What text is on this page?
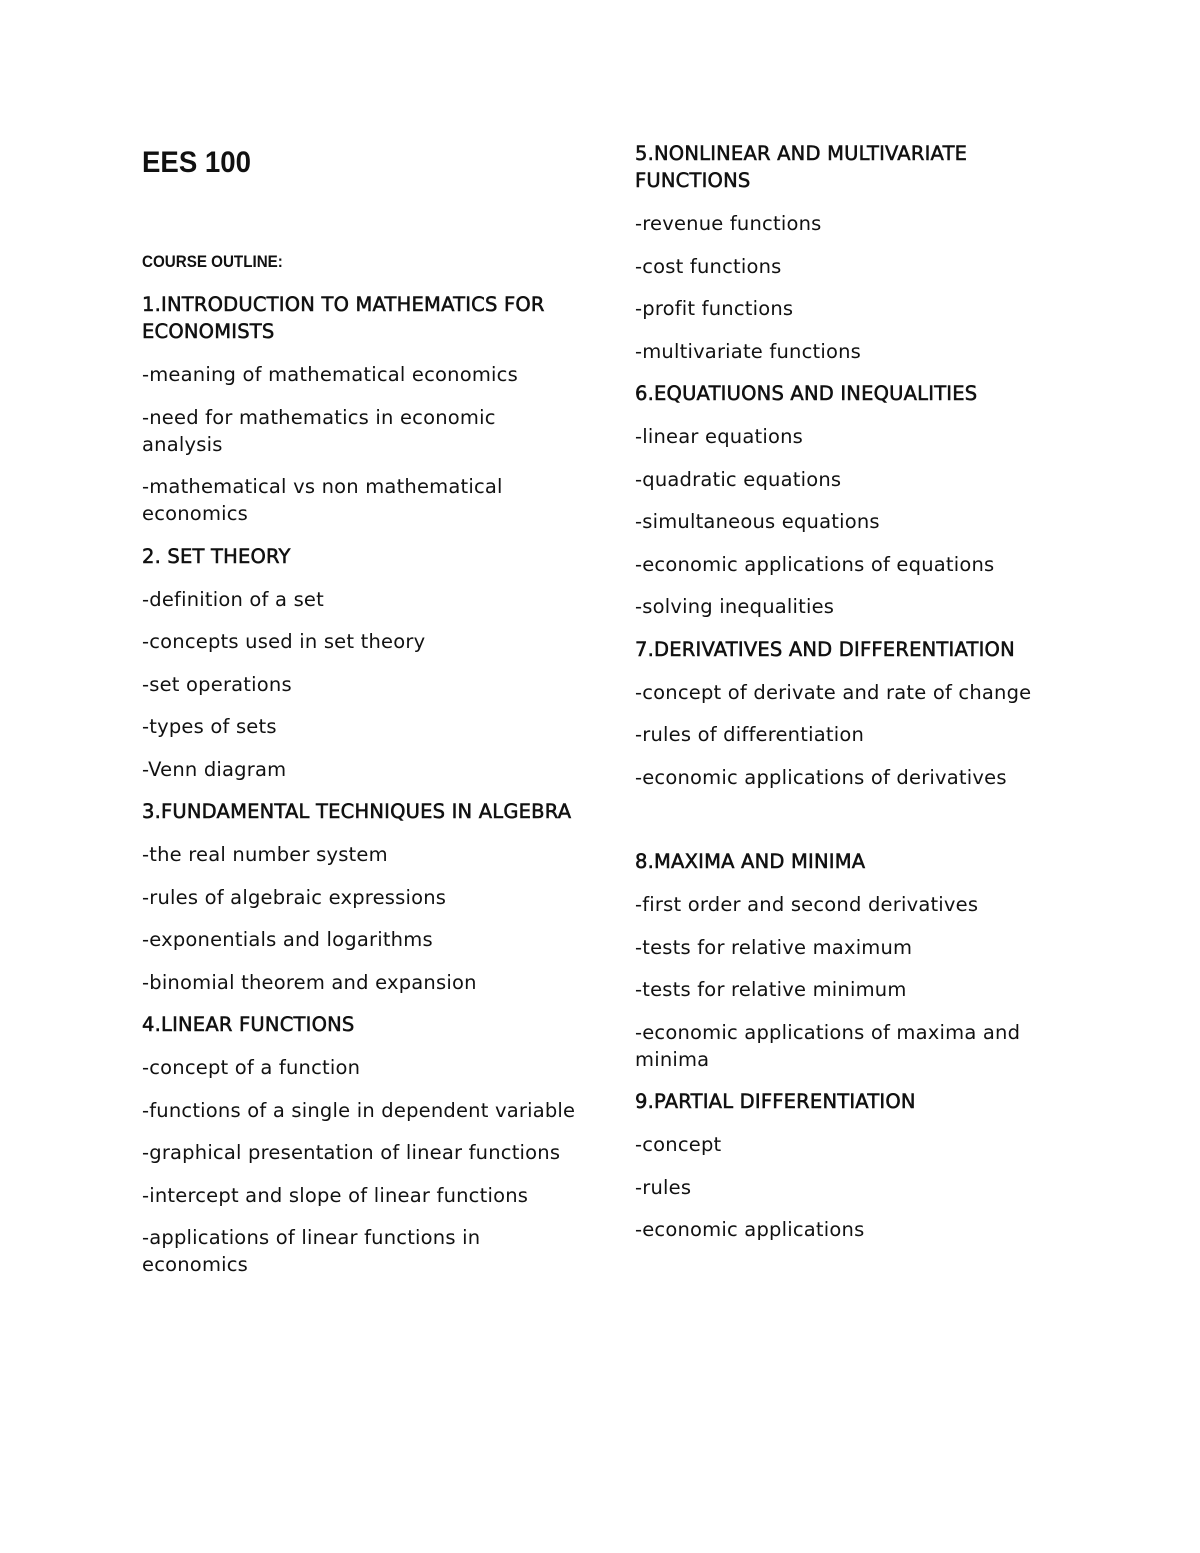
EES 100
COURSE OUTLINE:
1.INTRODUCTION TO MATHEMATICS FOR ECONOMISTS
-meaning of mathematical economics
-need for mathematics in economic analysis
-mathematical vs non mathematical economics
2. SET THEORY
-definition of a set
-concepts used in set theory
-set operations
-types of sets
-Venn diagram
3.FUNDAMENTAL TECHNIQUES IN ALGEBRA
-the real number system
-rules of algebraic expressions
-exponentials and logarithms
-binomial theorem and expansion
4.LINEAR FUNCTIONS
-concept of a function
-functions of a single in dependent variable
-graphical presentation of linear functions
-intercept and slope of linear functions
-applications of linear functions in economics
5.NONLINEAR AND MULTIVARIATE FUNCTIONS
-revenue functions
-cost functions
-profit functions
-multivariate functions
6.EQUATIUONS AND INEQUALITIES
-linear equations
-quadratic equations
-simultaneous equations
-economic applications of equations
-solving inequalities
7.DERIVATIVES AND DIFFERENTIATION
-concept of derivate and rate of change
-rules of differentiation
-economic applications of derivatives
8.MAXIMA AND MINIMA
-first order and second derivatives
-tests for relative maximum
-tests for relative minimum
-economic applications of maxima and minima
9.PARTIAL DIFFERENTIATION
-concept
-rules
-economic applications
